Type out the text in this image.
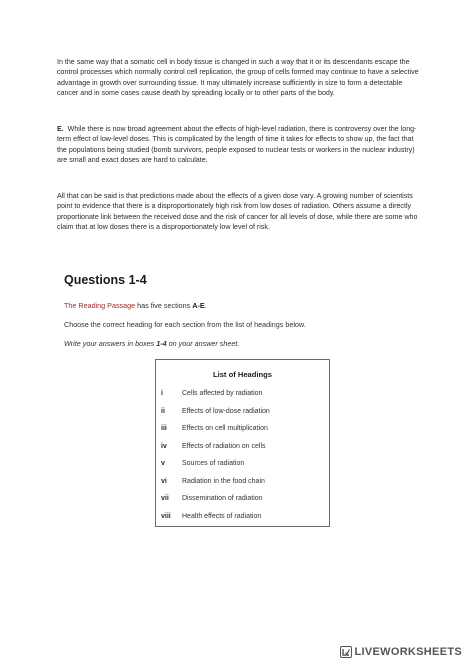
In the same way that a somatic cell in body tissue is changed in such a way that it or its descendants escape the control processes which normally control cell replication, the group of cells formed may continue to have a selective advantage in growth over surrounding tissue. It may ultimately increase sufficiently in size to form a detectable cancer and in some cases cause death by spreading locally or to other parts of the body.

E. While there is now broad agreement about the effects of high-level radiation, there is controversy over the long-term effect of low-level doses. This is complicated by the length of time it takes for effects to show up, the fact that the populations being studied (bomb survivors, people exposed to nuclear tests or workers in the nuclear industry) are small and exact doses are hard to calculate.

All that can be said is that predictions made about the effects of a given dose vary. A growing number of scientists point to evidence that there is a disproportionately high risk from low doses of radiation. Others assume a directly proportionate link between the received dose and the risk of cancer for all levels of dose, while there are some who claim that at low doses there is a disproportionately low level of risk.

Questions 1-4

The Reading Passage has five sections A-E.

Choose the correct heading for each section from the list of headings below.

Write your answers in boxes 1-4 on your answer sheet.

List of Headings
i	Cells affected by radiation
ii	Effects of low-dose radiation
iii	Effects on cell multiplication
iv	Effects of radiation on cells
v	Sources of radiation
vi	Radiation in the food chain
vii	Dissemination of radiation
viii	Health effects of radiation
LIVEWORKSHEETS
